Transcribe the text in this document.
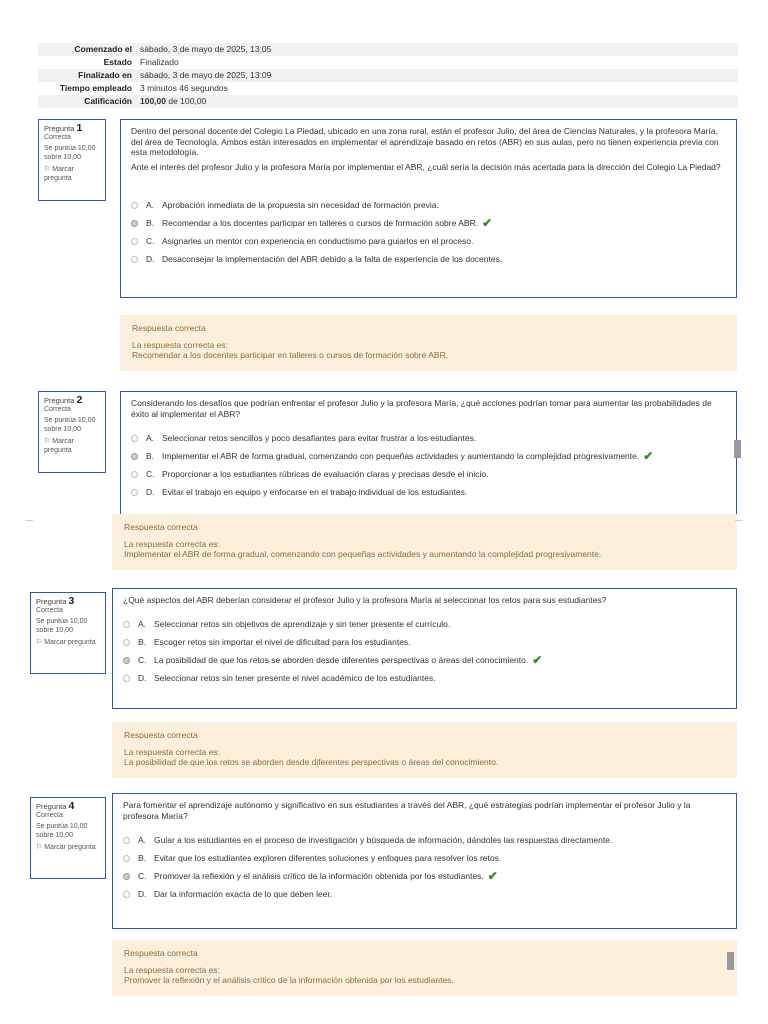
Comenzado el	sábado, 3 de mayo de 2025, 13:05
Estado	Finalizado
Finalizado en	sábado, 3 de mayo de 2025, 13:09
Tiempo empleado	3 minutos 46 segundos
Calificación	100,00 de 100,00
Pregunta 1
Correcta
Se puntúa 10,00 sobre 10,00
⚐ Marcar pregunta

Dentro del personal docente del Colegio La Piedad, ubicado en una zona rural, están el profesor Julio, del área de Ciencias Naturales, y la profesora María, del área de Tecnología. Ambos están interesados en implementar el aprendizaje basado en retos (ABR) en sus aulas, pero no tienen experiencia previa con esta metodología.

Ante el interés del profesor Julio y la profesora María por implementar el ABR, ¿cuál sería la decisión más acertada para la dirección del Colegio La Piedad?

A. Aprobación inmediata de la propuesta sin necesidad de formación previa.
B. Recomendar a los docentes participar en talleres o cursos de formación sobre ABR. ✔
C. Asignarles un mentor con experiencia en conductismo para guiarlos en el proceso.
D. Desaconsejar la implementación del ABR debido a la falta de experiencia de los docentes.
Respuesta correcta
La respuesta correcta es:
Recomendar a los docentes participar en talleres o cursos de formación sobre ABR.
Pregunta 2
Correcta
Se puntúa 10,00 sobre 10,00
⚐ Marcar pregunta

Considerando los desafíos que podrían enfrentar el profesor Julio y la profesora María, ¿qué acciones podrían tomar para aumentar las probabilidades de éxito al implementar el ABR?

A. Seleccionar retos sencillos y poco desafiantes para evitar frustrar a los estudiantes.
B. Implementar el ABR de forma gradual, comenzando con pequeñas actividades y aumentando la complejidad progresivamente. ✔
C. Proporcionar a los estudiantes rúbricas de evaluación claras y precisas desde el inicio.
D. Evitar el trabajo en equipo y enfocarse en el trabajo individual de los estudiantes.
Respuesta correcta
La respuesta correcta es:
Implementar el ABR de forma gradual, comenzando con pequeñas actividades y aumentando la complejidad progresivamente.
Pregunta 3
Correcta
Se puntúa 10,00 sobre 10,00
⚐ Marcar pregunta

¿Qué aspectos del ABR deberían considerar el profesor Julio y la profesora María al seleccionar los retos para sus estudiantes?

A. Seleccionar retos sin objetivos de aprendizaje y sin tener presente el currículo.
B. Escoger retos sin importar el nivel de dificultad para los estudiantes.
C. La posibilidad de que los retos se aborden desde diferentes perspectivas o áreas del conocimiento. ✔
D. Seleccionar retos sin tener presente el nivel académico de los estudiantes.
Respuesta correcta
La respuesta correcta es:
La posibilidad de que los retos se aborden desde diferentes perspectivas o áreas del conocimiento.
Pregunta 4
Correcta
Se puntúa 10,00 sobre 10,00
⚐ Marcar pregunta

Para fomentar el aprendizaje autónomo y significativo en sus estudiantes a través del ABR, ¿qué estrategias podrían implementar el profesor Julio y la profesora María?

A. Guiar a los estudiantes en el proceso de investigación y búsqueda de información, dándoles las respuestas directamente.
B. Evitar que los estudiantes exploren diferentes soluciones y enfoques para resolver los retos.
C. Promover la reflexión y el análisis crítico de la información obtenida por los estudiantes. ✔
D. Dar la información exacta de lo que deben leer.
Respuesta correcta
La respuesta correcta es:
Promover la reflexión y el análisis crítico de la información obtenida por los estudiantes.
